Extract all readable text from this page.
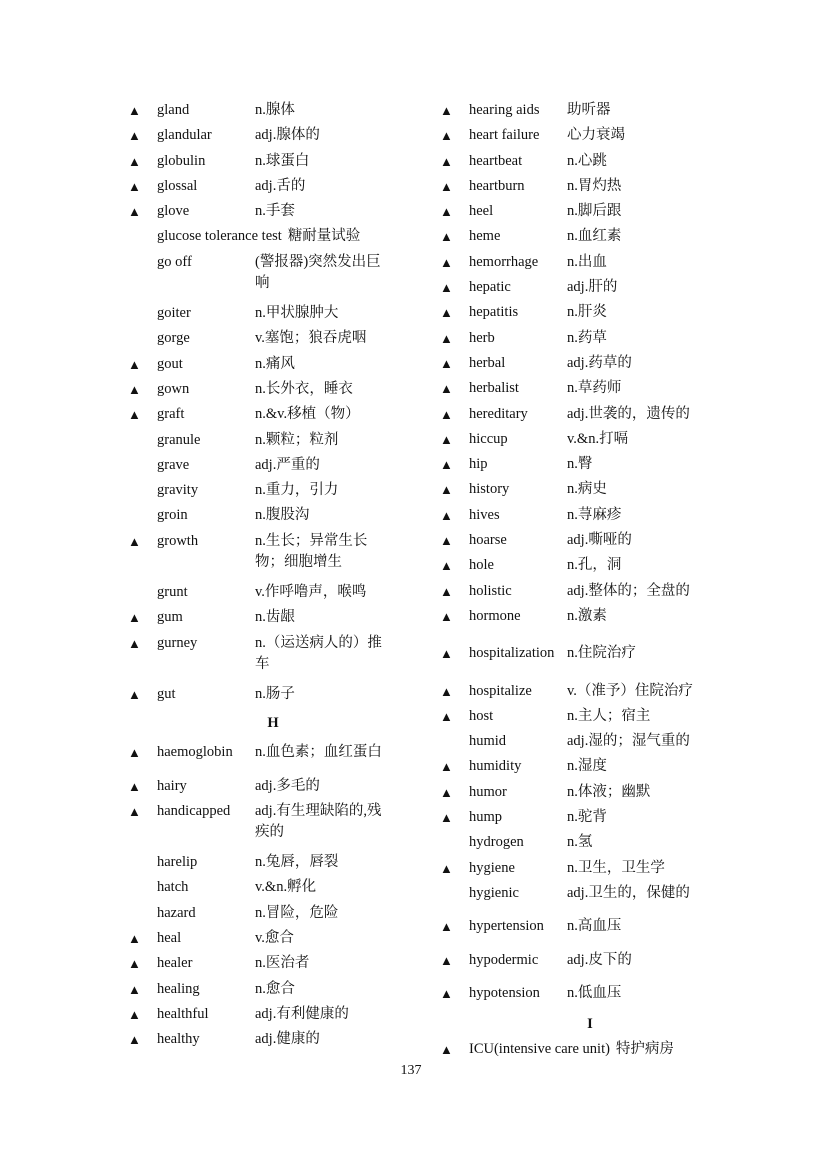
▲	gland	n.腺体
▲	glandular	adj.腺体的
▲	globulin	n.球蛋白
▲	glossal	adj.舌的
▲	glove	n.手套
glucose tolerance test 糖耐量试验
go off	(警报器)突然发出巨响
goiter	n.甲状腺肿大
gorge	v.塞饱；狼吞虎咽
▲	gout	n.痛风
▲	gown	n.长外衣，睡衣
▲	graft	n.&v.移植（物）
granule	n.颗粒；粒剂
grave	adj.严重的
gravity	n.重力，引力
groin	n.腹股沟
▲	growth	n.生长；异常生长物；细胞增生
grunt	v.作呼噜声，喉鸣
▲	gum	n.齿龈
▲	gurney	n.（运送病人的）推车
▲	gut	n.肠子
H
▲	haemoglobin n.血色素；血红蛋白
▲	hairy	adj.多毛的
▲	handicapped adj.有生理缺陷的,残疾的
harelip	n.兔唇，唇裂
hatch	v.&n.孵化
hazard	n.冒险，危险
▲	heal	v.愈合
▲	healer	n.医治者
▲	healing	n.愈合
▲	healthful	adj.有利健康的
▲	healthy	adj.健康的
▲	hearing aids 助听器
▲	heart failure 心力衰竭
▲	heartbeat	n.心跳
▲	heartburn	n.胃灼热
▲	heel	n.脚后跟
▲	heme	n.血红素
▲	hemorrhage n.出血
▲	hepatic	adj.肝的
▲	hepatitis	n.肝炎
▲	herb	n.药草
▲	herbal	adj.药草的
▲	herbalist	n.草药师
▲	hereditary	adj.世袭的，遗传的
▲	hiccup	v.&n.打嗝
▲	hip	n.臀
▲	history	n.病史
▲	hives	n.荨麻疹
▲	hoarse	adj.嘶哑的
▲	hole	n.孔，洞
▲	holistic	adj.整体的；全盘的
▲	hormone	n.激素
▲	hospitalization n.住院治疗
▲	hospitalize v.（准予）住院治疗
▲	host	n.主人；宿主
humid	adj.湿的；湿气重的
▲	humidity	n.湿度
▲	humor	n.体液；幽默
▲	hump	n.驼背
hydrogen	n.氢
▲	hygiene	n.卫生，卫生学
hygienic	adj.卫生的，保健的
▲	hypertension n.高血压
▲	hypodermic adj.皮下的
▲	hypotension n.低血压
I
▲	ICU(intensive care unit) 特护病房
137
